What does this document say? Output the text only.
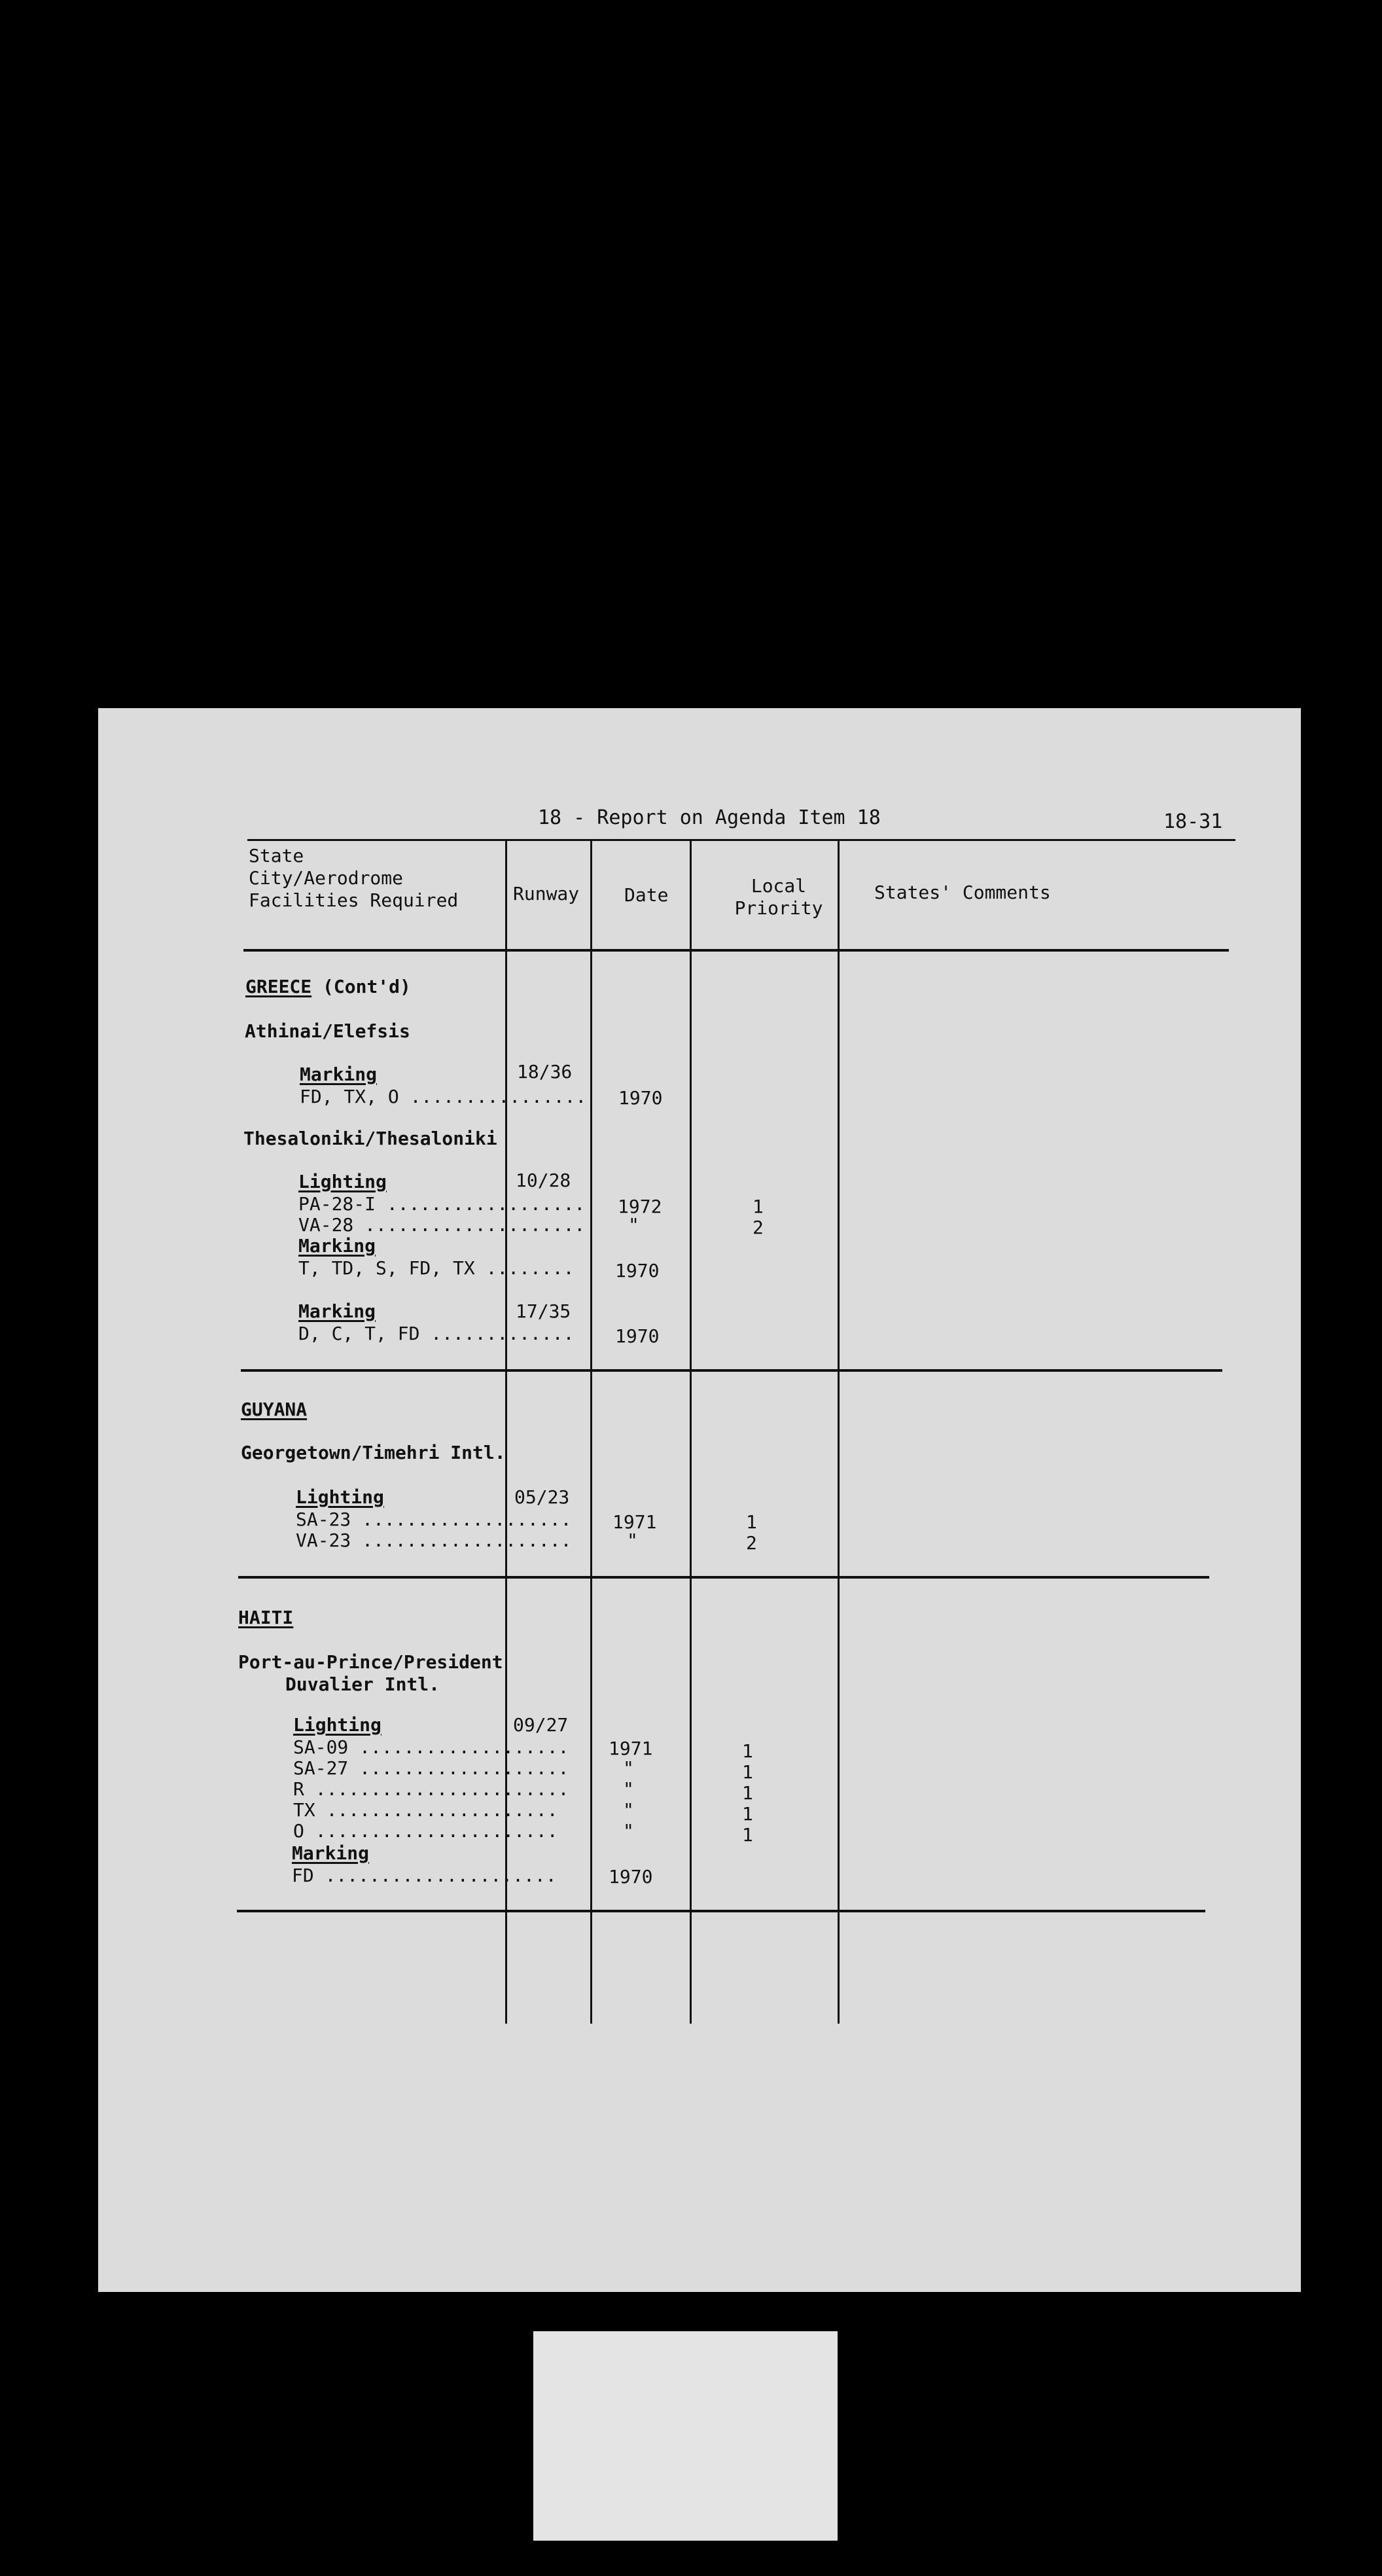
18 - Report on Agenda Item 18	18-31
State
City/Aerodrome
Facilities Required	Runway Date	Local
Priority
States' Comments
GREECE (Cont'd)
Athinai/Elefsis
Marking	18/36
FD, TX, O ................ 1970
Thesaloniki/Thesaloniki
Lighting	10/28
PA-28-I .................. 1972	1
VA-28 .................... "	2
Marking
T, TD, S, FD, TX ........ 1970
Marking	17/35
D, C, T, FD ............. 1970
GUYANA
Georgetown/Timehri Intl.
Lighting	05/23
SA-23 ................... 1971	1
VA-23 ...................	"	2
HAITI
Port-au-Prince/President
Duvalier Intl.
Lighting	09/27
SA-09 ................... 1971	1
SA-27 ...................	"	1
R .......................	"	1
TX .....................	"	1
O ......................	"	1
Marking
FD .....................	1970
